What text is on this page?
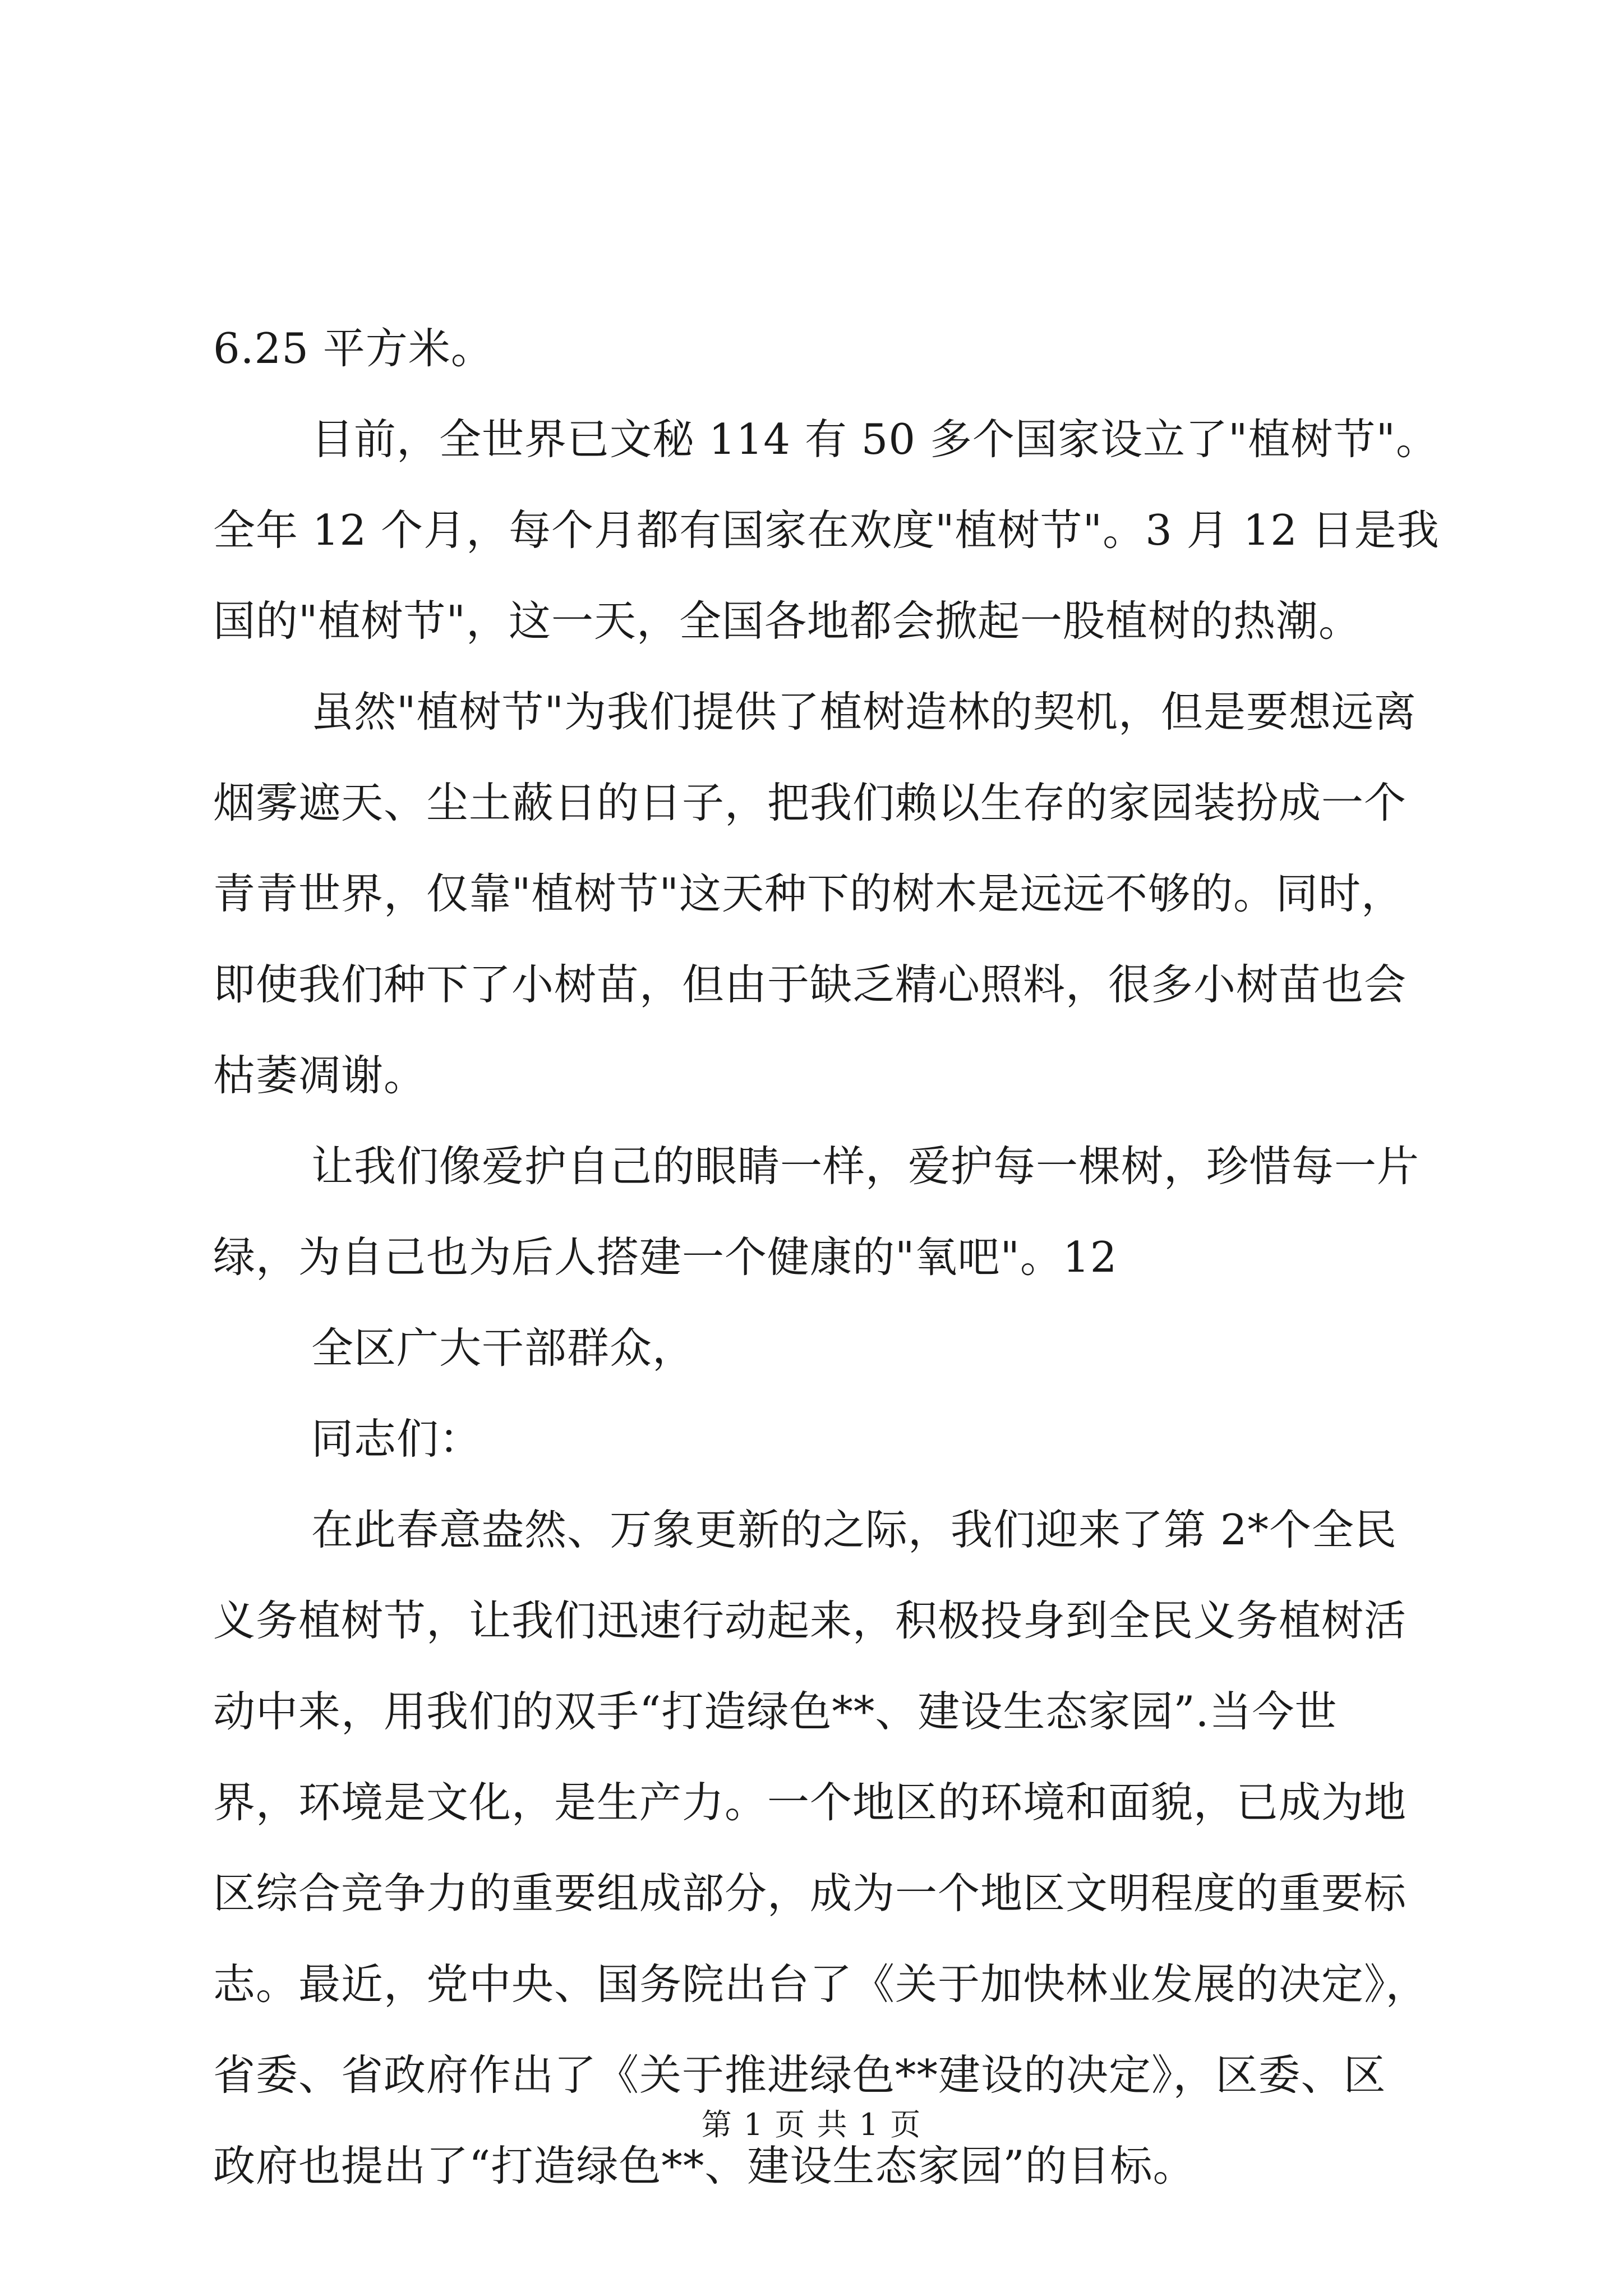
6.25 平方米。

目前，全世界已文秘 114 有 50 多个国家设立了"植树节"。
全年 12 个月，每个月都有国家在欢度"植树节"。3 月 12 日是我
国的"植树节"，这一天，全国各地都会掀起一股植树的热潮。

虽然"植树节"为我们提供了植树造林的契机，但是要想远离
烟雾遮天、尘土蔽日的日子，把我们赖以生存的家园装扮成一个
青青世界，仅靠"植树节"这天种下的树木是远远不够的。同时，
即使我们种下了小树苗，但由于缺乏精心照料，很多小树苗也会
枯萎凋谢。

让我们像爱护自己的眼睛一样，爱护每一棵树，珍惜每一片
绿，为自己也为后人搭建一个健康的"氧吧"。12

全区广大干部群众，

同志们：

在此春意盎然、万象更新的之际，我们迎来了第 2*个全民
义务植树节，让我们迅速行动起来，积极投身到全民义务植树活
动中来，用我们的双手“打造绿色**、建设生态家园”.当今世
界，环境是文化，是生产力。一个地区的环境和面貌，已成为地
区综合竞争力的重要组成部分，成为一个地区文明程度的重要标
志。最近，党中央、国务院出台了《关于加快林业发展的决定》，
省委、省政府作出了《关于推进绿色**建设的决定》，区委、区
政府也提出了“打造绿色**、建设生态家园”的目标。

第 1 页 共 1 页
